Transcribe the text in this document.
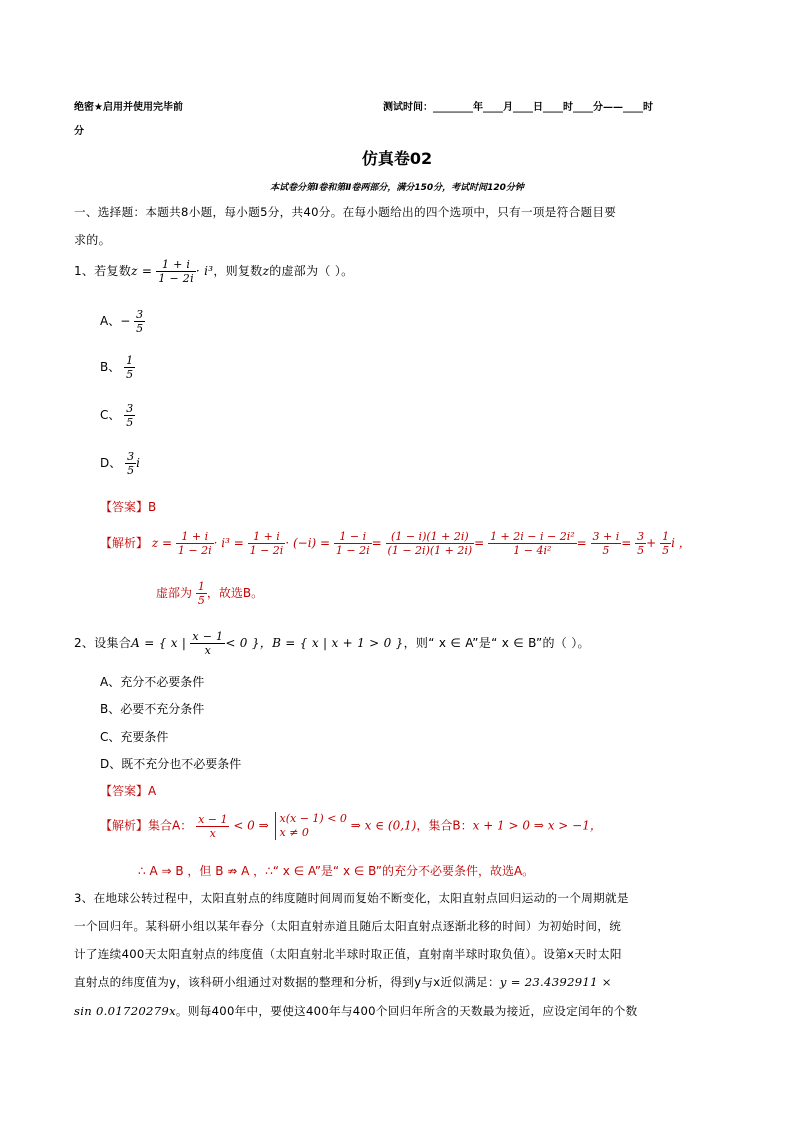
绝密★启用并使用完毕前
分
测试时间：________年____月____日____时____分——____时
仿真卷02
本试卷分第Ⅰ卷和第Ⅱ卷两部分，满分150分，考试时间120分钟
一、选择题：本题共8小题，每小题5分，共40分。在每小题给出的四个选项中，只有一项是符合题目要
求的。
1、若复数$z = \frac{1 + i}{1 - 2i} \cdot i^3$，则复数z的虚部为（ ）。
A、− $\frac{3}{5}$
B、 $\frac{1}{5}$
C、 $\frac{3}{5}$
D、 $\frac{3}{5}$ i
【答案】B
【解析】 $z = \frac{1 + i}{1 - 2i} \cdot i^3 = \frac{1 + i}{1 - 2i} \cdot (-i) = \frac{1 - i}{1 - 2i} = \frac{(1 - i)(1 + 2i)}{(1 - 2i)(1 + 2i)} = \frac{\text{1 + 2i − i − 2i²}}{\text{1 − 4i²}} = \frac{3 + i}{5} = \frac{3}{5} + \frac{1}{5}$ i ，
虚部为 $\frac{1}{5}$ ，故选B。
2、设集合A = { x | $\frac{x - 1}{x} < 0$ }，B = { x | x + 1 > 0 }，则“ x ∈ A”是“ x ∈ B”的（ ）。
A、充分不必要条件
B、必要不充分条件
C、充要条件
D、既不充分也不必要条件
【答案】A
【解析】集合A： $\frac{x - 1}{x} < 0$ ⇒ x(x − 1) < 0
x ≠ 0	⇒ x ∈ (0,1)，集合B：x + 1 > 0 ⇒ x > −1，
∴ A ⇒ B ，但 B ⇏ A ，∴“ x ∈ A”是“ x ∈ B”的充分不必要条件，故选A。
3、在地球公转过程中，太阳直射点的纬度随时间周而复始不断变化，太阳直射点回归运动的一个周期就是
一个回归年。某科研小组以某年春分（太阳直射赤道且随后太阳直射点逐渐北移的时间）为初始时间，统
计了连续400天太阳直射点的纬度值（太阳直射北半球时取正值，直射南半球时取负值）。设第x天时太阳
直射点的纬度值为y，该科研小组通过对数据的整理和分析，得到y与x近似满足：y = 23.4392911 ×
sin 0.01720279x。则每400年中，要使这400年与400个回归年所含的天数最为接近，应设定闰年的个数
